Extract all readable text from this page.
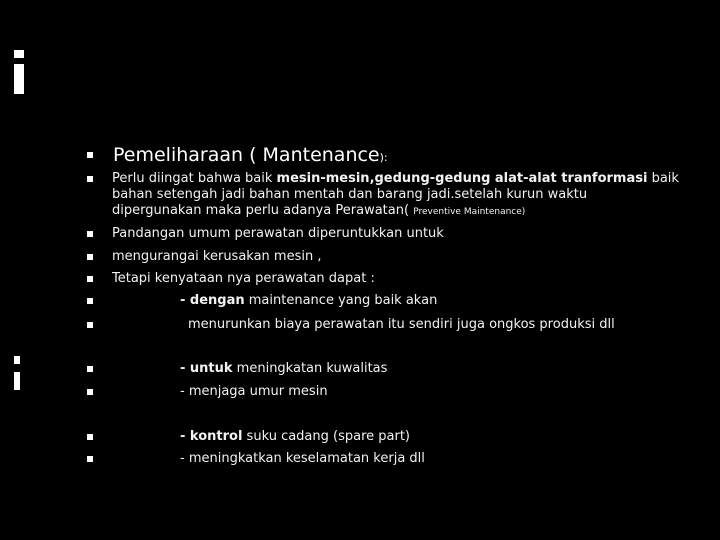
Pemeliharaan ( Mantenance):
Perlu diingat bahwa baik mesin-mesin,gedung-gedung alat-alat tranformasi baik
bahan setengah jadi bahan mentah dan barang jadi.setelah kurun waktu
dipergunakan maka perlu adanya Perawatan( Preventive Maintenance)
Pandangan umum perawatan diperuntukkan untuk
mengurangai kerusakan mesin ,
Tetapi kenyataan nya perawatan dapat :
- dengan maintenance yang baik akan
menurunkan biaya perawatan itu sendiri juga ongkos produksi dll
- untuk meningkatan kuwalitas
- menjaga umur mesin
- kontrol suku cadang (spare part)
- meningkatkan keselamatan kerja dll
